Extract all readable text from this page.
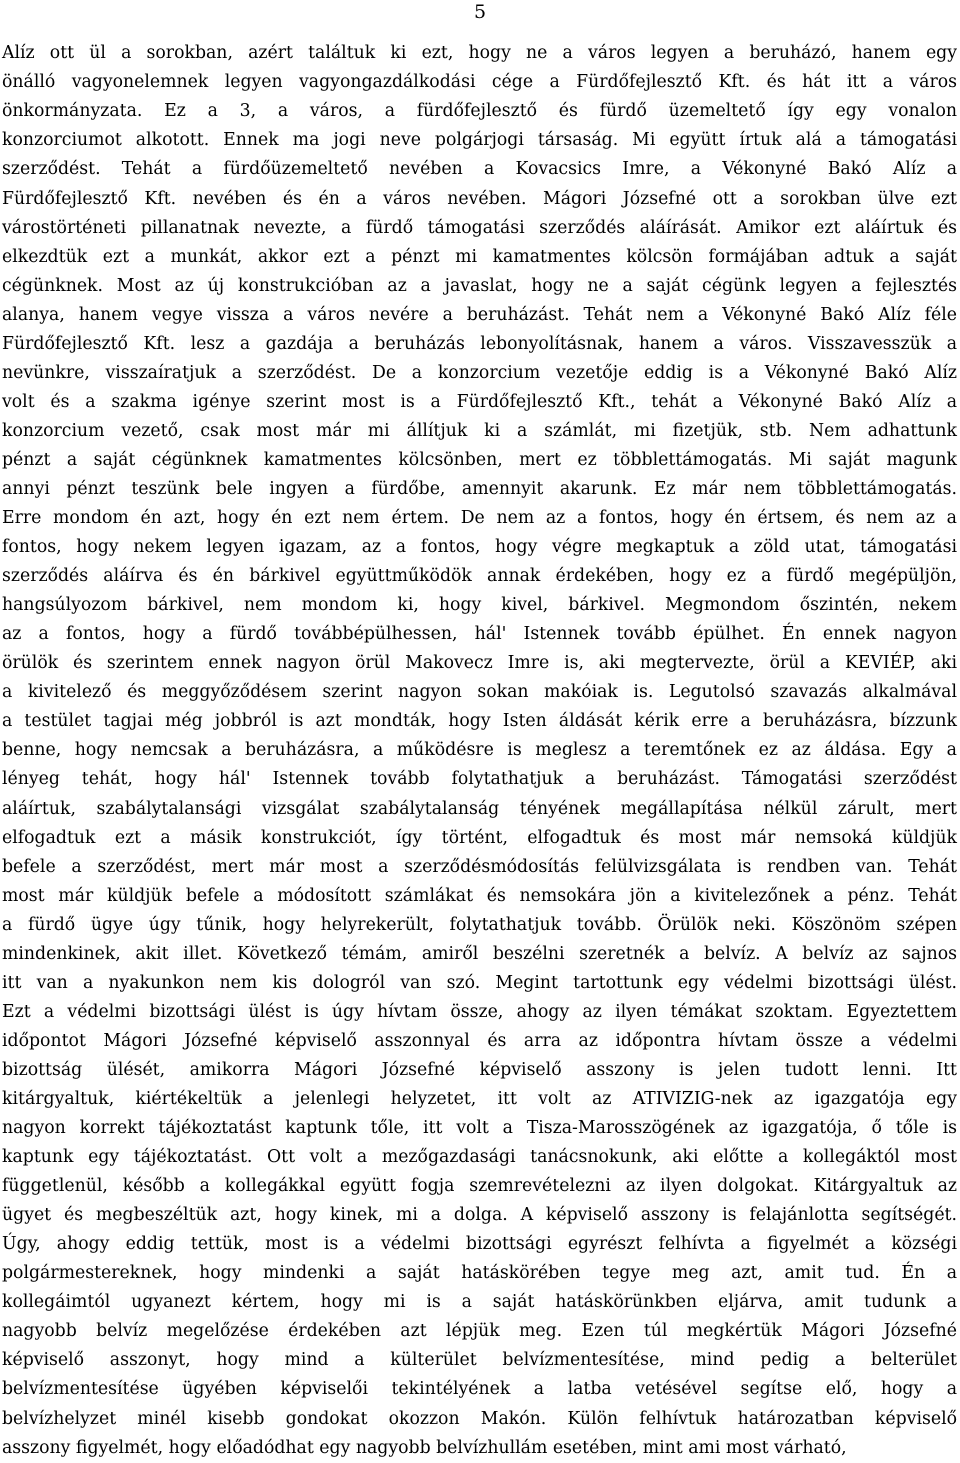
5
Alíz ott ül a sorokban, azért találtuk ki ezt, hogy ne a város legyen a beruházó, hanem egy
önálló vagyonelemnek legyen vagyongazdálkodási cége a Fürdőfejlesztő Kft. és hát itt a város
önkormányzata. Ez a 3, a város, a fürdőfejlesztő és fürdő üzemeltető így egy vonalon
konzorciumot alkotott. Ennek ma jogi neve polgárjogi társaság. Mi együtt írtuk alá a támogatási
szerződést. Tehát a fürdőüzemeltető nevében a Kovacsics Imre, a Vékonyné Bakó Alíz a
Fürdőfejlesztő Kft. nevében és én a város nevében. Mágori Józsefné ott a sorokban ülve ezt
várostörténeti pillanatnak nevezte, a fürdő támogatási szerződés aláírását. Amikor ezt aláírtuk és
elkezdtük ezt a munkát, akkor ezt a pénzt mi kamatmentes kölcsön formájában adtuk a saját
cégünknek. Most az új konstrukcióban az a javaslat, hogy ne a saját cégünk legyen a fejlesztés
alanya, hanem vegye vissza a város nevére a beruházást. Tehát nem a Vékonyné Bakó Alíz féle
Fürdőfejlesztő Kft. lesz a gazdája a beruházás lebonyolításnak, hanem a város. Visszavesszük a
nevünkre, visszaíratjuk a szerződést. De a konzorcium vezetője eddig is a Vékonyné Bakó Alíz
volt és a szakma igénye szerint most is a Fürdőfejlesztő Kft., tehát a Vékonyné Bakó Alíz a
konzorcium vezető, csak most már mi állítjuk ki a számlát, mi fizetjük, stb. Nem adhattunk
pénzt a saját cégünknek kamatmentes kölcsönben, mert ez többlettámogatás. Mi saját magunk
annyi pénzt teszünk bele ingyen a fürdőbe, amennyit akarunk. Ez már nem többlettámogatás.
Erre mondom én azt, hogy én ezt nem értem. De nem az a fontos, hogy én értsem, és nem az a
fontos, hogy nekem legyen igazam, az a fontos, hogy végre megkaptuk a zöld utat, támogatási
szerződés aláírva és én bárkivel együttműködök annak érdekében, hogy ez a fürdő megépüljön,
hangsúlyozom bárkivel, nem mondom ki, hogy kivel, bárkivel. Megmondom őszintén, nekem
az a fontos, hogy a fürdő továbbépülhessen, hál' Istennek tovább épülhet. Én ennek nagyon
örülök és szerintem ennek nagyon örül Makovecz Imre is, aki megtervezte, örül a KEVIÉP, aki
a kivitelező és meggyőződésem szerint nagyon sokan makóiak is. Legutolsó szavazás alkalmával
a testület tagjai még jobbról is azt mondták, hogy Isten áldását kérik erre a beruházásra, bízzunk
benne, hogy nemcsak a beruházásra, a működésre is meglesz a teremtőnek ez az áldása. Egy a
lényeg tehát, hogy hál' Istennek tovább folytathatjuk a beruházást. Támogatási szerződést
aláírtuk, szabálytalansági vizsgálat szabálytalanság tényének megállapítása nélkül zárult, mert
elfogadtuk ezt a másik konstrukciót, így történt, elfogadtuk és most már nemsoká küldjük
befele a szerződést, mert már most a szerződésmódosítás felülvizsgálata is rendben van. Tehát
most már küldjük befele a módosított számlákat és nemsokára jön a kivitelezőnek a pénz. Tehát
a fürdő ügye úgy tűnik, hogy helyrekerült, folytathatjuk tovább. Örülök neki. Köszönöm szépen
mindenkinek, akit illet. Következő témám, amiről beszélni szeretnék a belvíz. A belvíz az sajnos
itt van a nyakunkon nem kis dologról van szó. Megint tartottunk egy védelmi bizottsági ülést.
Ezt a védelmi bizottsági ülést is úgy hívtam össze, ahogy az ilyen témákat szoktam. Egyeztettem
időpontot Mágori Józsefné képviselő asszonnyal és arra az időpontra hívtam össze a védelmi
bizottság ülését, amikorra Mágori Józsefné képviselő asszony is jelen tudott lenni. Itt
kitárgyaltuk, kiértékeltük a jelenlegi helyzetet, itt volt az ATIVIZIG-nek az igazgatója egy
nagyon korrekt tájékoztatást kaptunk tőle, itt volt a Tisza-Marosszögének az igazgatója, ő tőle is
kaptunk egy tájékoztatást. Ott volt a mezőgazdasági tanácsnokunk, aki előtte a kollegáktól most
függetlenül, később a kollegákkal együtt fogja szemrevételezni az ilyen dolgokat. Kitárgyaltuk az
ügyet és megbeszéltük azt, hogy kinek, mi a dolga. A képviselő asszony is felajánlotta segítségét.
Úgy, ahogy eddig tettük, most is a védelmi bizottsági egyrészt felhívta a figyelmét a községi
polgármestereknek, hogy mindenki a saját hatáskörében tegye meg azt, amit tud. Én a
kollegáimtól ugyanezt kértem, hogy mi is a saját hatáskörünkben eljárva, amit tudunk a
nagyobb belvíz megelőzése érdekében azt lépjük meg. Ezen túl megkértük Mágori Józsefné
képviselő asszonyt, hogy mind a külterület belvízmentesítése, mind pedig a belterület
belvízmentesítése ügyében képviselői tekintélyének a latba vetésével segítse elő, hogy a
belvízhelyzet minél kisebb gondokat okozzon Makón. Külön felhívtuk határozatban képviselő
asszony figyelmét, hogy előadódhat egy nagyobb belvízhullám esetében, mint ami most várható,
